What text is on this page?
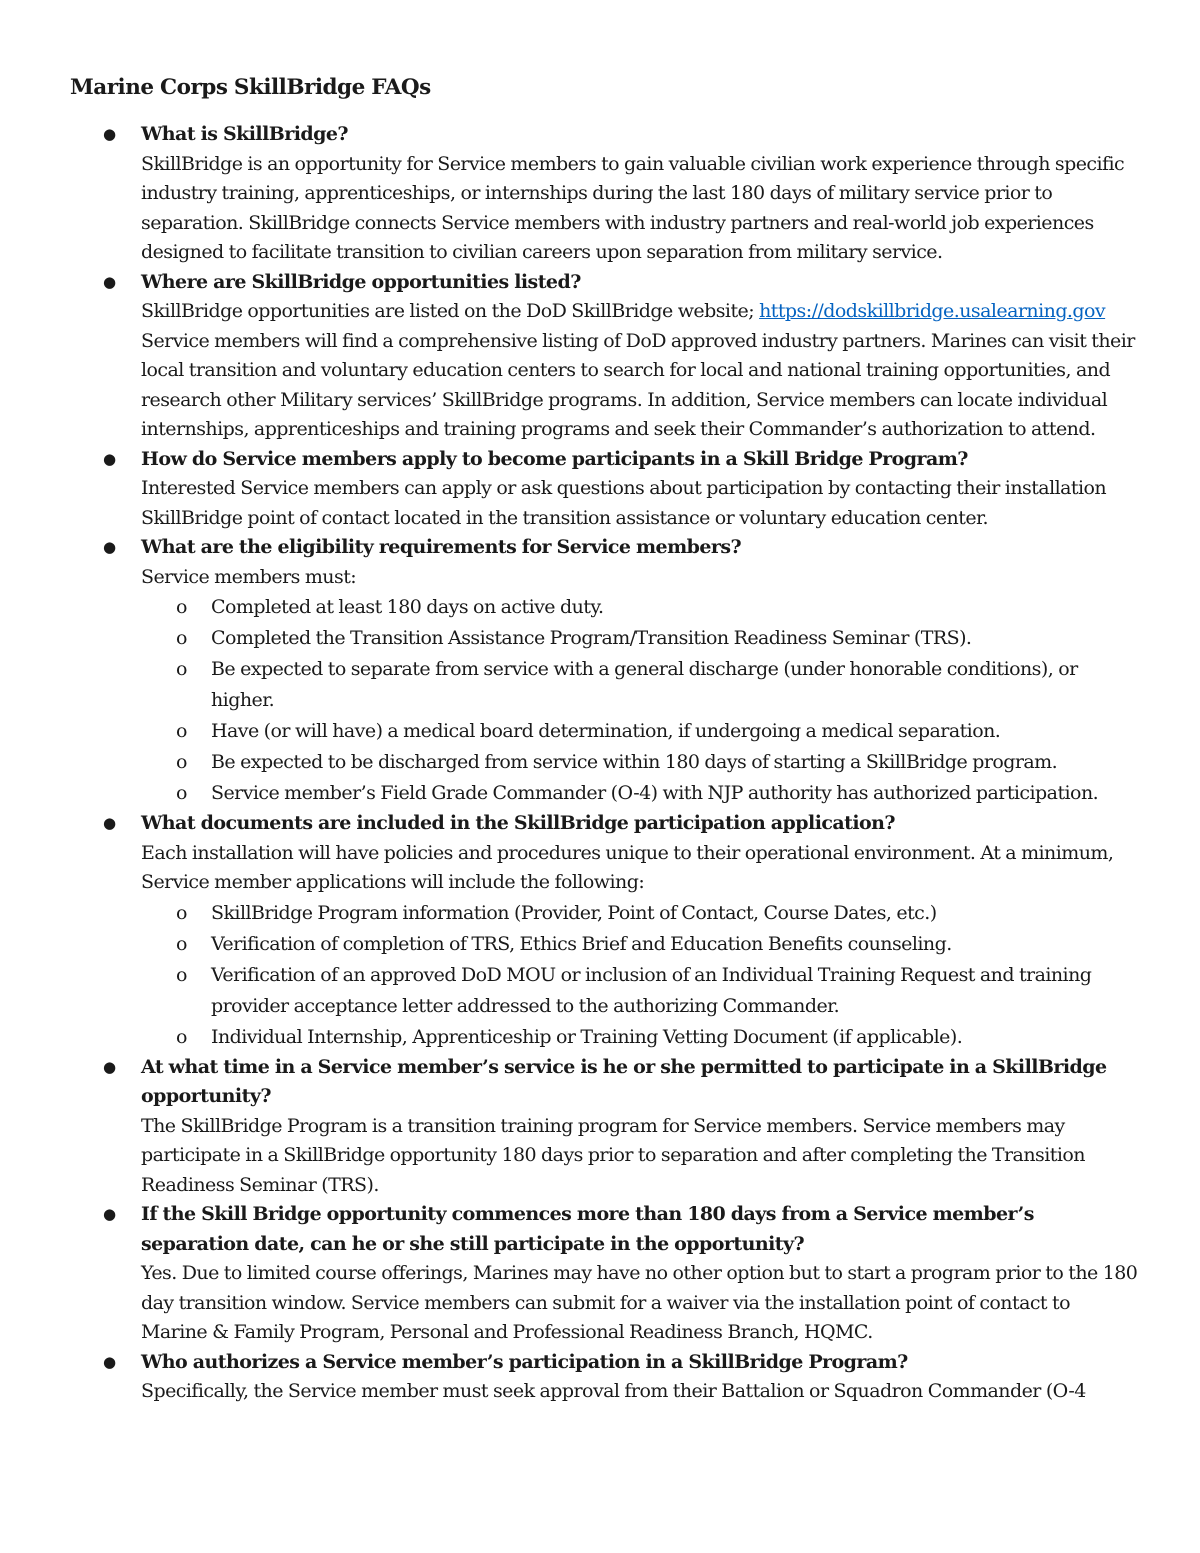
Marine Corps SkillBridge FAQs
● What is SkillBridge?
SkillBridge is an opportunity for Service members to gain valuable civilian work experience through specific industry training, apprenticeships, or internships during the last 180 days of military service prior to separation. SkillBridge connects Service members with industry partners and real-world job experiences designed to facilitate transition to civilian careers upon separation from military service.
● Where are SkillBridge opportunities listed?
SkillBridge opportunities are listed on the DoD SkillBridge website; https://dodskillbridge.usalearning.gov Service members will find a comprehensive listing of DoD approved industry partners. Marines can visit their local transition and voluntary education centers to search for local and national training opportunities, and research other Military services’ SkillBridge programs. In addition, Service members can locate individual internships, apprenticeships and training programs and seek their Commander’s authorization to attend.
● How do Service members apply to become participants in a Skill Bridge Program?
Interested Service members can apply or ask questions about participation by contacting their installation SkillBridge point of contact located in the transition assistance or voluntary education center.
● What are the eligibility requirements for Service members?
Service members must:
o Completed at least 180 days on active duty.
o Completed the Transition Assistance Program/Transition Readiness Seminar (TRS).
o Be expected to separate from service with a general discharge (under honorable conditions), or higher.
o Have (or will have) a medical board determination, if undergoing a medical separation.
o Be expected to be discharged from service within 180 days of starting a SkillBridge program.
o Service member’s Field Grade Commander (O-4) with NJP authority has authorized participation.
● What documents are included in the SkillBridge participation application?
Each installation will have policies and procedures unique to their operational environment. At a minimum, Service member applications will include the following:
o SkillBridge Program information (Provider, Point of Contact, Course Dates, etc.)
o Verification of completion of TRS, Ethics Brief and Education Benefits counseling.
o Verification of an approved DoD MOU or inclusion of an Individual Training Request and training provider acceptance letter addressed to the authorizing Commander.
o Individual Internship, Apprenticeship or Training Vetting Document (if applicable).
● At what time in a Service member’s service is he or she permitted to participate in a SkillBridge opportunity?
The SkillBridge Program is a transition training program for Service members. Service members may participate in a SkillBridge opportunity 180 days prior to separation and after completing the Transition Readiness Seminar (TRS).
● If the Skill Bridge opportunity commences more than 180 days from a Service member’s separation date, can he or she still participate in the opportunity?
Yes. Due to limited course offerings, Marines may have no other option but to start a program prior to the 180 day transition window. Service members can submit for a waiver via the installation point of contact to Marine & Family Program, Personal and Professional Readiness Branch, HQMC.
● Who authorizes a Service member’s participation in a SkillBridge Program?
Specifically, the Service member must seek approval from their Battalion or Squadron Commander (O-4
